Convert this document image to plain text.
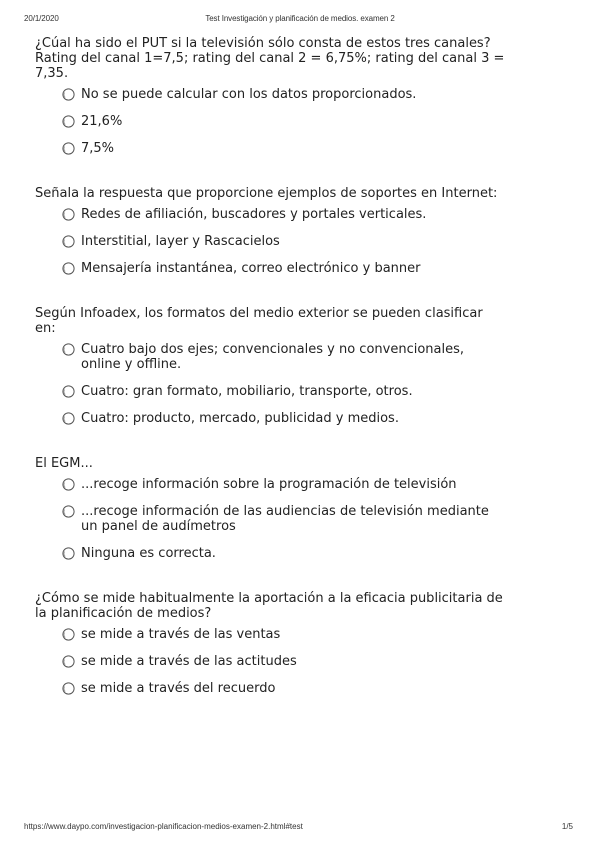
20/1/2020	Test Investigación y planificación de medios. examen 2
¿Cúal ha sido el PUT si la televisión sólo consta de estos tres canales? Rating del canal 1=7,5; rating del canal 2 = 6,75%; rating del canal 3 = 7,35.
No se puede calcular con los datos proporcionados.
21,6%
7,5%
Señala la respuesta que proporcione ejemplos de soportes en Internet:
Redes de afiliación, buscadores y portales verticales.
Interstitial, layer y Rascacielos
Mensajería instantánea, correo electrónico y banner
Según Infoadex, los formatos del medio exterior se pueden clasificar en:
Cuatro bajo dos ejes; convencionales y no convencionales, online y offline.
Cuatro: gran formato, mobiliario, transporte, otros.
Cuatro: producto, mercado, publicidad y medios.
El EGM...
...recoge información sobre la programación de televisión
...recoge información de las audiencias de televisión mediante un panel de audímetros
Ninguna es correcta.
¿Cómo se mide habitualmente la aportación a la eficacia publicitaria de la planificación de medios?
se mide a través de las ventas
se mide a través de las actitudes
se mide a través del recuerdo
https://www.daypo.com/investigacion-planificacion-medios-examen-2.html#test	1/5
